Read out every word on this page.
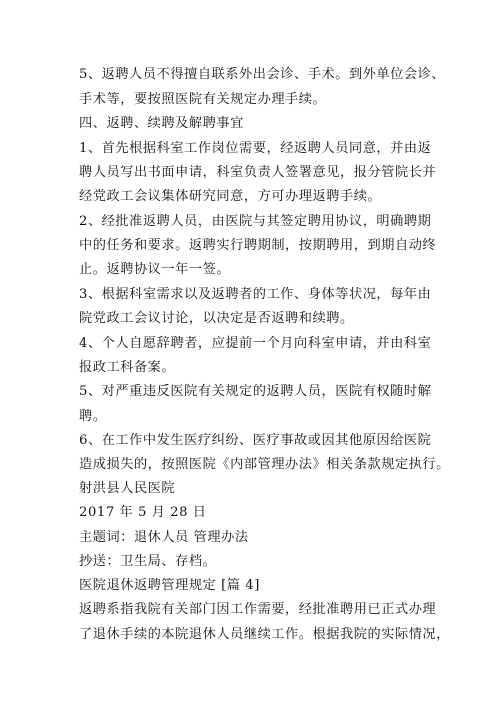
5、返聘人员不得擅自联系外出会诊、手术。到外单位会诊、
手术等，要按照医院有关规定办理手续。
四、返聘、续聘及解聘事宜
1、首先根据科室工作岗位需要，经返聘人员同意，并由返
聘人员写出书面申请，科室负责人签署意见，报分管院长并
经党政工会议集体研究同意，方可办理返聘手续。
2、经批准返聘人员，由医院与其签定聘用协议，明确聘期
中的任务和要求。返聘实行聘期制，按期聘用，到期自动终
止。返聘协议一年一签。
3、根据科室需求以及返聘者的工作、身体等状况，每年由
院党政工会议讨论，以决定是否返聘和续聘。
4、个人自愿辞聘者，应提前一个月向科室申请，并由科室
报政工科备案。
5、对严重违反医院有关规定的返聘人员，医院有权随时解
聘。
6、在工作中发生医疗纠纷、医疗事故或因其他原因给医院
造成损失的，按照医院《内部管理办法》相关条款规定执行。
射洪县人民医院
2017 年 5 月 28 日
主题词：退休人员 管理办法
抄送：卫生局、存档。
医院退休返聘管理规定 [篇 4]
返聘系指我院有关部门因工作需要，经批准聘用已正式办理
了退休手续的本院退休人员继续工作。根据我院的实际情况，
